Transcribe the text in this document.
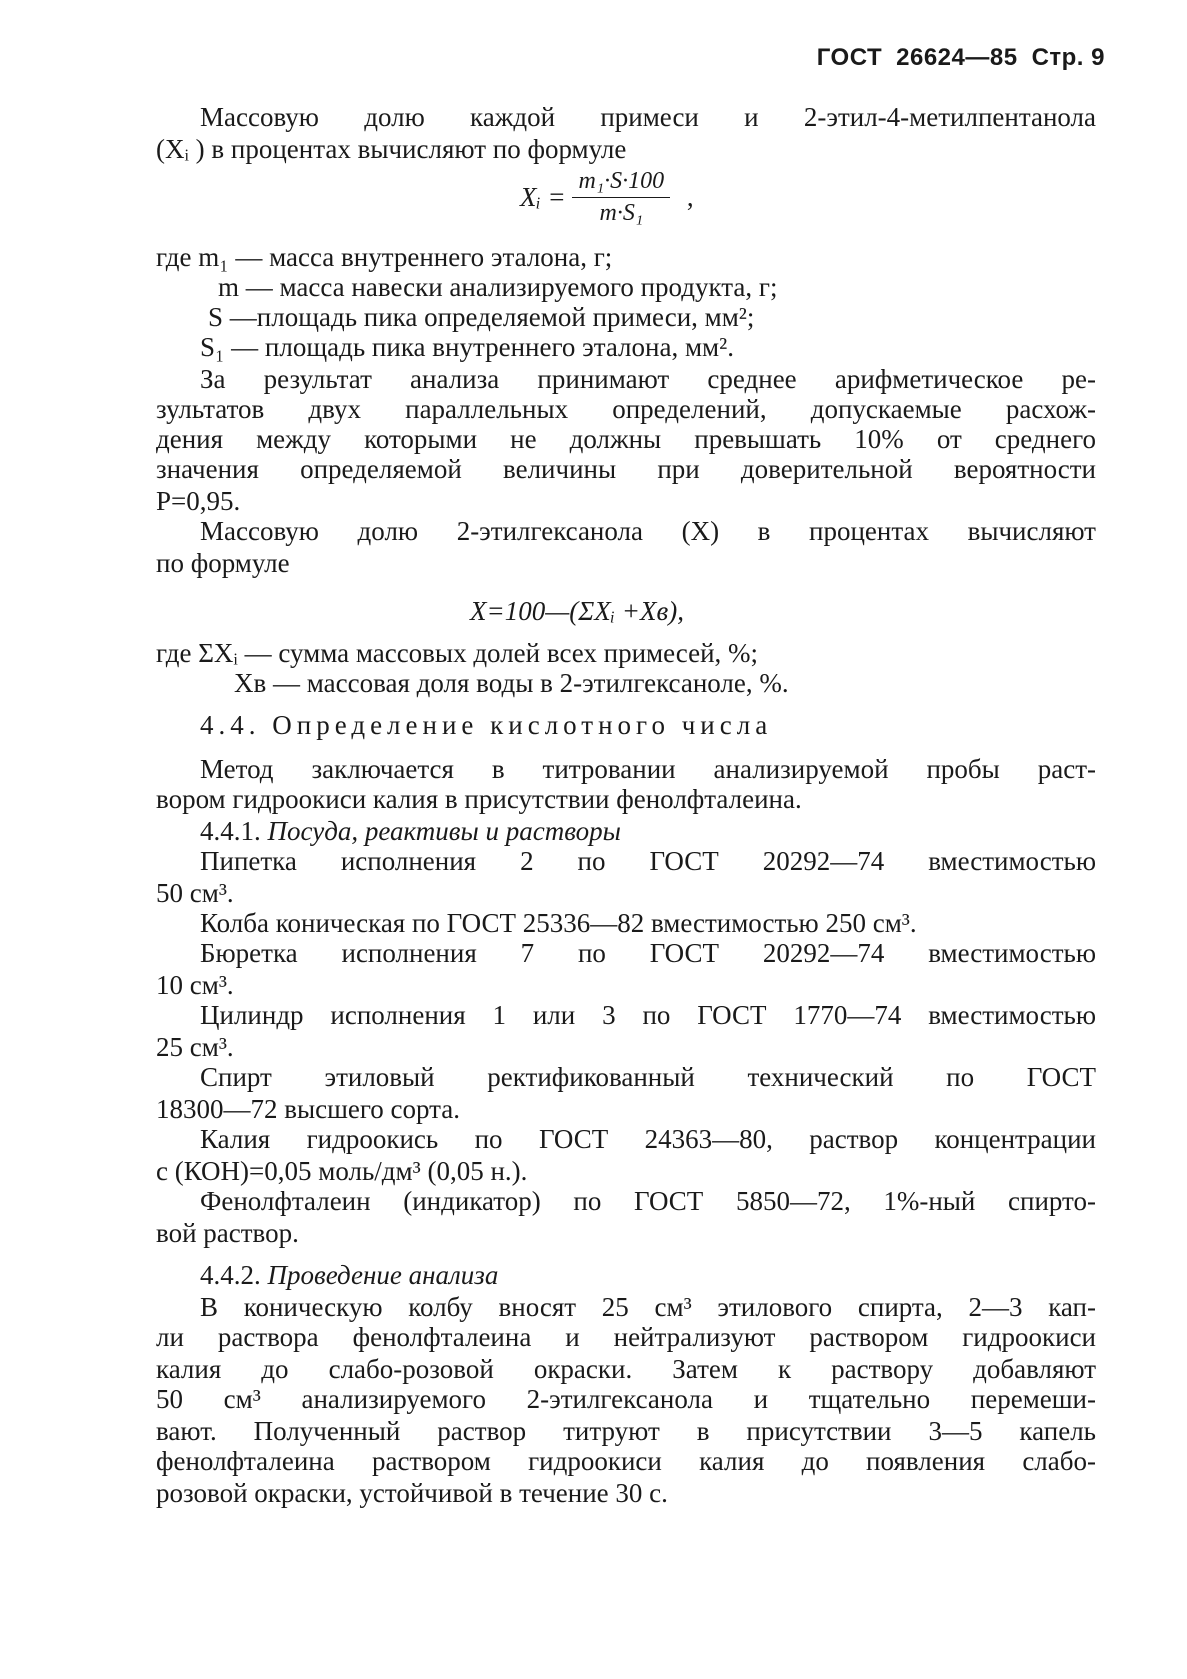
ГОСТ 26624—85 Стр. 9
Массовую долю каждой примеси и 2-этил-4-метилпентанола
(Xᵢ ) в процентах вычисляют по формуле
Xᵢ = $\frac{\text{m₁·S·100}}{\text{m·S₁}}$ ,
где m₁ — масса внутреннего эталона, г;
m — масса навески анализируемого продукта, г;
S —площадь пика определяемой примеси, мм²;
S₁ — площадь пика внутреннего эталона, мм².
За результат анализа принимают среднее арифметическое ре-
зультатов двух параллельных определений, допускаемые расхож-
дения между которыми не должны превышать 10% от среднего
значения определяемой величины при доверительной вероятности
P=0,95.
Массовую долю 2-этилгексанола (X) в процентах вычисляют
по формуле
X=100—(ΣXᵢ +Xв),
где ΣXᵢ — сумма массовых долей всех примесей, %;
Xв — массовая доля воды в 2-этилгексаноле, %.
4.4. Определение кислотного числа
Метод заключается в титровании анализируемой пробы раст-
вором гидроокиси калия в присутствии фенолфталеина.
4.4.1. Посуда, реактивы и растворы
Пипетка исполнения 2 по ГОСТ 20292—74 вместимостью
50 см³.
Колба коническая по ГОСТ 25336—82 вместимостью 250 см³.
Бюретка исполнения 7 по ГОСТ 20292—74 вместимостью
10 см³.
Цилиндр исполнения 1 или 3 по ГОСТ 1770—74 вместимостью
25 см³.
Спирт этиловый ректификованный технический по ГОСТ
18300—72 высшего сорта.
Калия гидроокись по ГОСТ 24363—80, раствор концентрации
c (КОН)=0,05 моль/дм³ (0,05 н.).
Фенолфталеин (индикатор) по ГОСТ 5850—72, 1%-ный спирто-
вой раствор.
4.4.2. Проведение анализа
В коническую колбу вносят 25 см³ этилового спирта, 2—3 кап-
ли раствора фенолфталеина и нейтрализуют раствором гидроокиси
калия до слабо-розовой окраски. Затем к раствору добавляют
50 см³ анализируемого 2-этилгексанола и тщательно перемеши-
вают. Полученный раствор титруют в присутствии 3—5 капель
фенолфталеина раствором гидроокиси калия до появления слабо-
розовой окраски, устойчивой в течение 30 с.
